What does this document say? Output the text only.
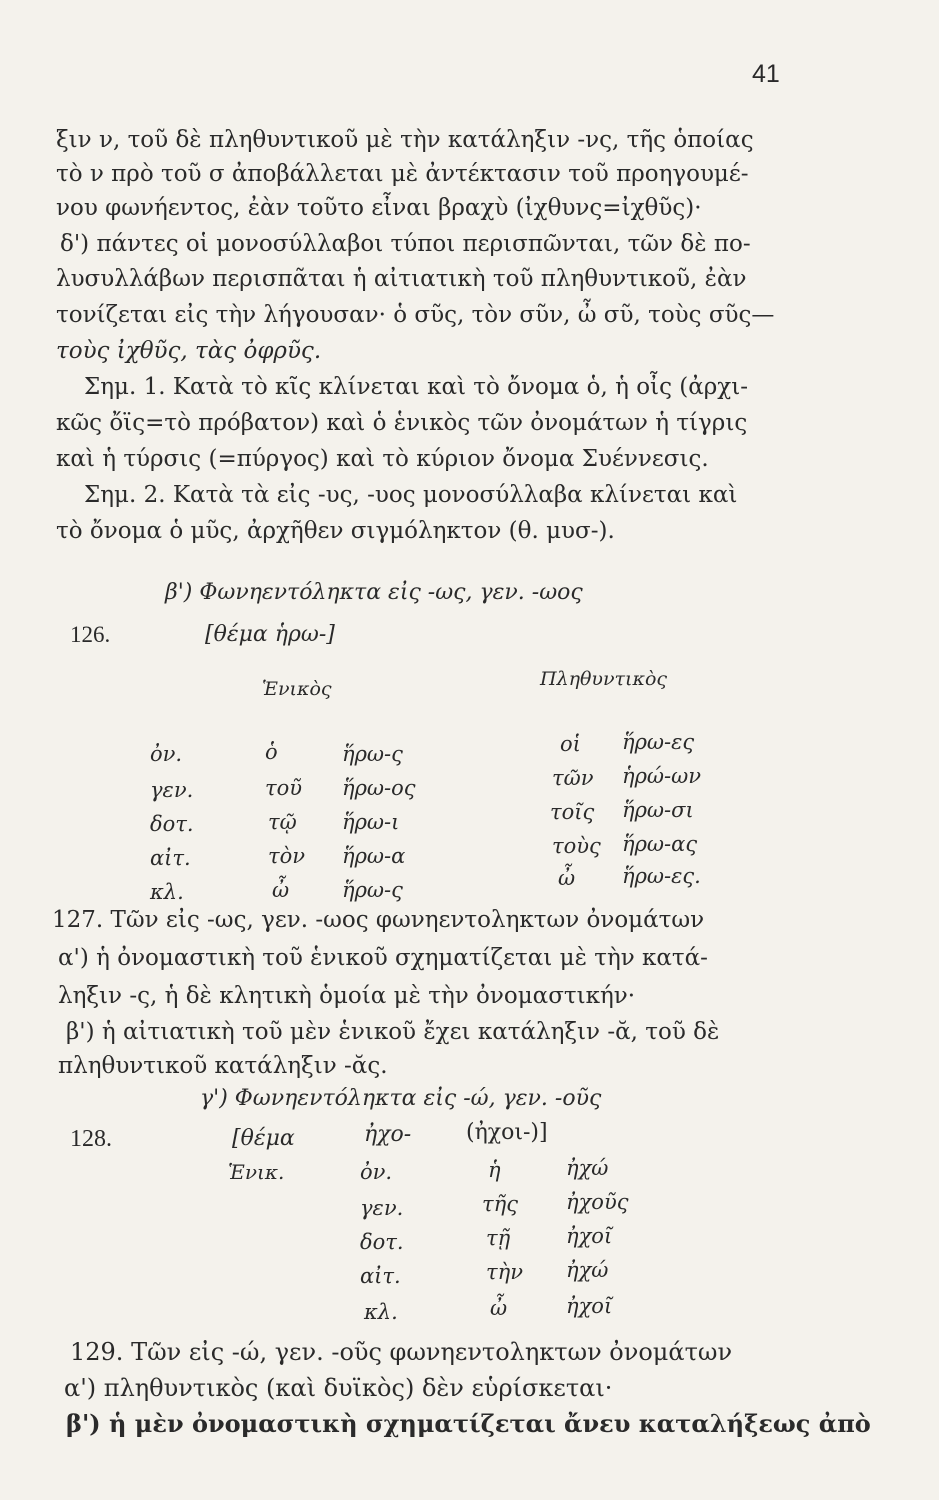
41
ξιν ν, τοῦ δὲ πληθυντικοῦ μὲ τὴν κατάληξιν -νς, τῆς ὁποίας
τὸ ν πρὸ τοῦ σ ἀποβάλλεται μὲ ἀντέκτασιν τοῦ προηγουμέ-
νου φωνήεντος, ἐὰν τοῦτο εἶναι βραχὺ (ἰχθυνς=ἰχθῦς)·
δ') πάντες οἱ μονοσύλλαβοι τύποι περισπῶνται, τῶν δὲ πο-
λυσυλλάβων περισπᾶται ἡ αἰτιατικὴ τοῦ πληθυντικοῦ, ἐὰν
τονίζεται εἰς τὴν λήγουσαν· ὁ σῦς, τὸν σῦν, ὦ σῦ, τοὺς σῦς—
τοὺς ἰχθῦς, τὰς ὀφρῦς.
Σημ. 1. Κατὰ τὸ κῖς κλίνεται καὶ τὸ ὄνομα ὁ, ἡ οἶς (ἀρχι-
κῶς ὄϊς=τὸ πρόβατον) καὶ ὁ ἑνικὸς τῶν ὀνομάτων ἡ τίγρις
καὶ ἡ τύρσις (=πύργος) καὶ τὸ κύριον ὄνομα Συέννεσις.
Σημ. 2. Κατὰ τὰ εἰς -υς, -υος μονοσύλλαβα κλίνεται καὶ
τὸ ὄνομα ὁ μῦς, ἀρχῆθεν σιγμόληκτον (θ. μυσ-).
β') Φωνηεντόληκτα εἰς -ως, γεν. -ωος
126.	[θέμα ἡρω-]
Ἑνικὸς	Πληθυντικὸς
ὀν.	ὁ	ἥρω-ς	οἱ ἥρω-ες
γεν.	τοῦ ἥρω-ος	τῶν ἡρώ-ων
δοτ.	τῷ ἥρω-ι	τοῖς ἥρω-σι
αἰτ.	τὸν ἥρω-α	τοὺς ἥρω-ας
κλ.	ὦ	ἥρω-ς	ὦ ἥρω-ες.
127. Τῶν εἰς -ως, γεν. -ωος φωνηεντοληκτων ὀνομάτων
α') ἡ ὀνομαστικὴ τοῦ ἑνικοῦ σχηματίζεται μὲ τὴν κατά-
ληξιν -ς, ἡ δὲ κλητικὴ ὁμοία μὲ τὴν ὀνομαστικήν·
β') ἡ αἰτιατικὴ τοῦ μὲν ἑνικοῦ ἔχει κατάληξιν -ᾰ, τοῦ δὲ
πληθυντικοῦ κατάληξιν -ᾰς.
γ') Φωνηεντόληκτα εἰς -ώ, γεν. -οῦς
128.	[θέμα	ἠχο- (ἠχοι-)]
Ἑνικ.	ὀν.	ἡ	ἠχώ
γεν.	τῆς ἠχοῦς
δοτ.	τῇ	ἠχοῖ
αἰτ.	τὴν ἠχώ
κλ.	ὦ	ἠχοῖ
129. Τῶν εἰς -ώ, γεν. -οῦς φωνηεντοληκτων ὀνομάτων
α') πληθυντικὸς (καὶ δυϊκὸς) δὲν εὑρίσκεται·
β') ἡ μὲν ὀνομαστικὴ σχηματίζεται ἄνευ καταλήξεως ἀπὸ
